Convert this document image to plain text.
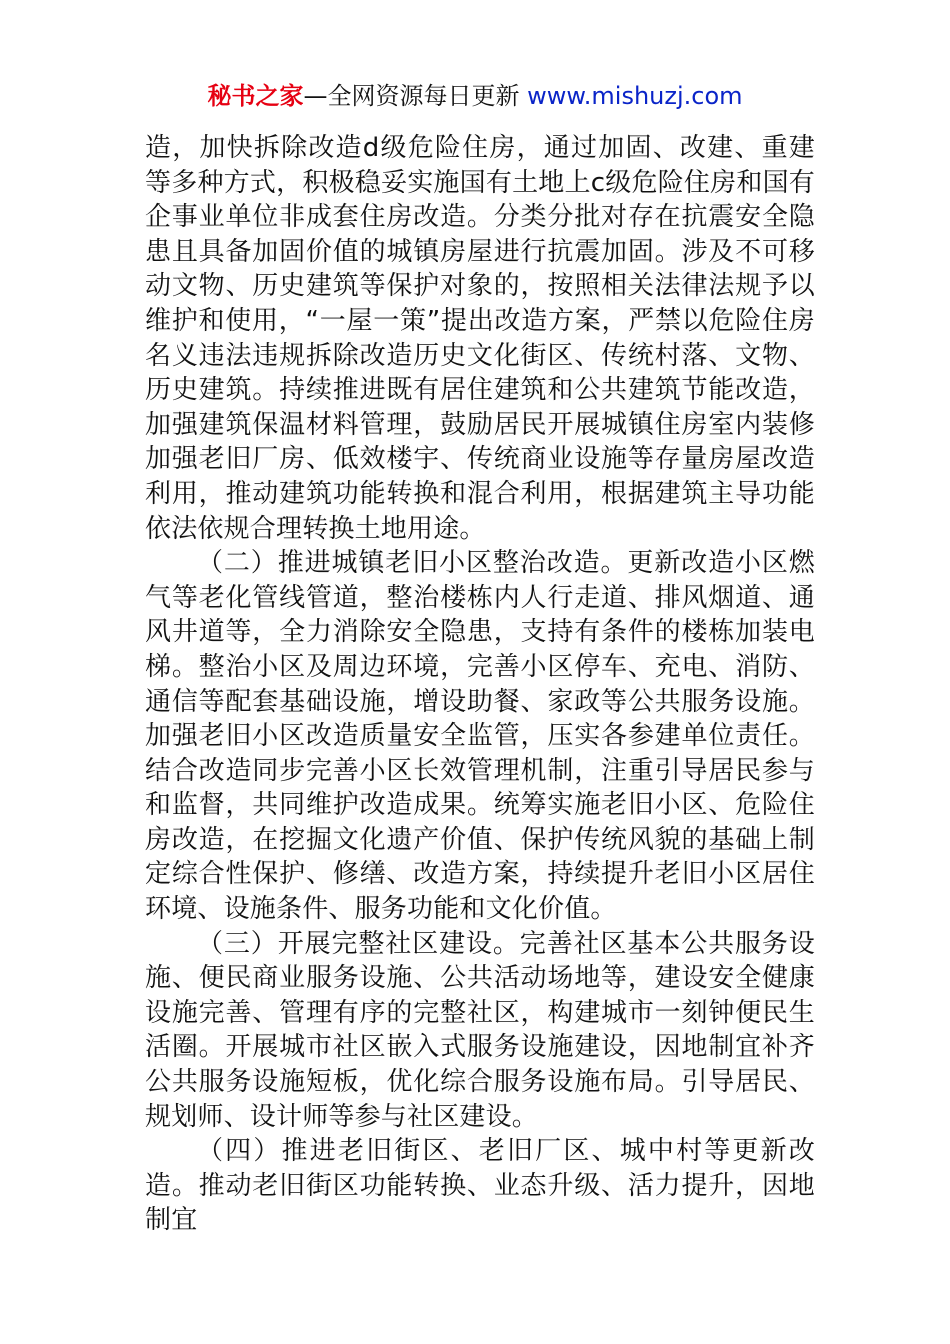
秘书之家—全网资源每日更新 www.mishuzj.com

造，加快拆除改造d级危险住房，通过加固、改建、重建等多种方式，积极稳妥实施国有土地上c级危险住房和国有企事业单位非成套住房改造。分类分批对存在抗震安全隐患且具备加固价值的城镇房屋进行抗震加固。涉及不可移动文物、历史建筑等保护对象的，按照相关法律法规予以维护和使用，“一屋一策”提出改造方案，严禁以危险住房名义违法违规拆除改造历史文化街区、传统村落、文物、历史建筑。持续推进既有居住建筑和公共建筑节能改造，加强建筑保温材料管理，鼓励居民开展城镇住房室内装修加强老旧厂房、低效楼宇、传统商业设施等存量房屋改造利用，推动建筑功能转换和混合利用，根据建筑主导功能依法依规合理转换土地用途。

（二）推进城镇老旧小区整治改造。更新改造小区燃气等老化管线管道，整治楼栋内人行走道、排风烟道、通风井道等，全力消除安全隐患，支持有条件的楼栋加装电梯。整治小区及周边环境，完善小区停车、充电、消防、通信等配套基础设施，增设助餐、家政等公共服务设施。加强老旧小区改造质量安全监管，压实各参建单位责任。结合改造同步完善小区长效管理机制，注重引导居民参与和监督，共同维护改造成果。统筹实施老旧小区、危险住房改造，在挖掘文化遗产价值、保护传统风貌的基础上制定综合性保护、修缮、改造方案，持续提升老旧小区居住环境、设施条件、服务功能和文化价值。

（三）开展完整社区建设。完善社区基本公共服务设施、便民商业服务设施、公共活动场地等，建设安全健康设施完善、管理有序的完整社区，构建城市一刻钟便民生活圈。开展城市社区嵌入式服务设施建设，因地制宜补齐公共服务设施短板，优化综合服务设施布局。引导居民、规划师、设计师等参与社区建设。

（四）推进老旧街区、老旧厂区、城中村等更新改造。推动老旧街区功能转换、业态升级、活力提升，因地制宜
